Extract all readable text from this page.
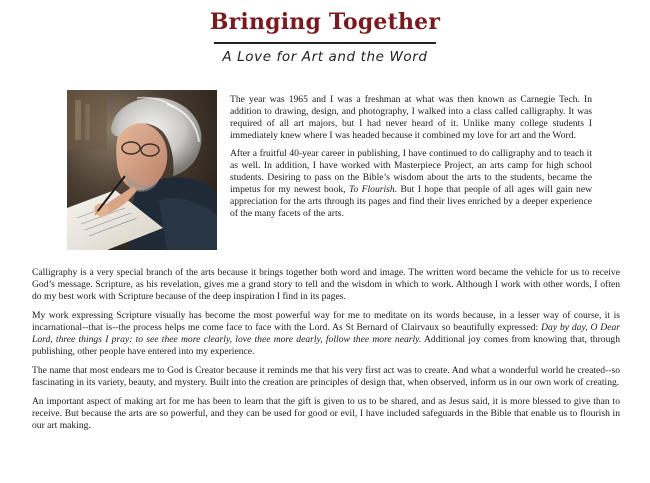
Bringing Together

A Love for Art and the Word

The year was 1965 and I was a freshman at what was then known as Carnegie Tech. In addition to drawing, design, and photography, I walked into a class called calligraphy. It was required of all art majors, but I had never heard of it. Unlike many college students I immediately knew where I was headed because it combined my love for art and the Word.

After a fruitful 40-year career in publishing, I have continued to do calligraphy and to teach it as well. In addition, I have worked with Masterpiece Project, an arts camp for high school students. Desiring to pass on the Bible’s wisdom about the arts to the students, became the impetus for my newest book, To Flourish. But I hope that people of all ages will gain new appreciation for the arts through its pages and find their lives enriched by a deeper experience of the many facets of the arts.

Calligraphy is a very special branch of the arts because it brings together both word and image. The written word became the vehicle for us to receive God’s message. Scripture, as his revelation, gives me a grand story to tell and the wisdom in which to work. Although I work with other words, I often do my best work with Scripture because of the deep inspiration I find in its pages.

My work expressing Scripture visually has become the most powerful way for me to meditate on its words because, in a lesser way of course, it is incarnational--that is--the process helps me come face to face with the Lord. As St Bernard of Clairvaux so beautifully expressed: Day by day, O Dear Lord, three things I pray: to see thee more clearly, love thee more dearly, follow thee more nearly. Additional joy comes from knowing that, through publishing, other people have entered into my experience.

The name that most endears me to God is Creator because it reminds me that his very first act was to create. And what a wonderful world he created--so fascinating in its variety, beauty, and mystery. Built into the creation are principles of design that, when observed, inform us in our own work of creating.

An important aspect of making art for me has been to learn that the gift is given to us to be shared, and as Jesus said, it is more blessed to give than to receive. But because the arts are so powerful, and they can be used for good or evil, I have included safeguards in the Bible that enable us to flourish in our art making.
